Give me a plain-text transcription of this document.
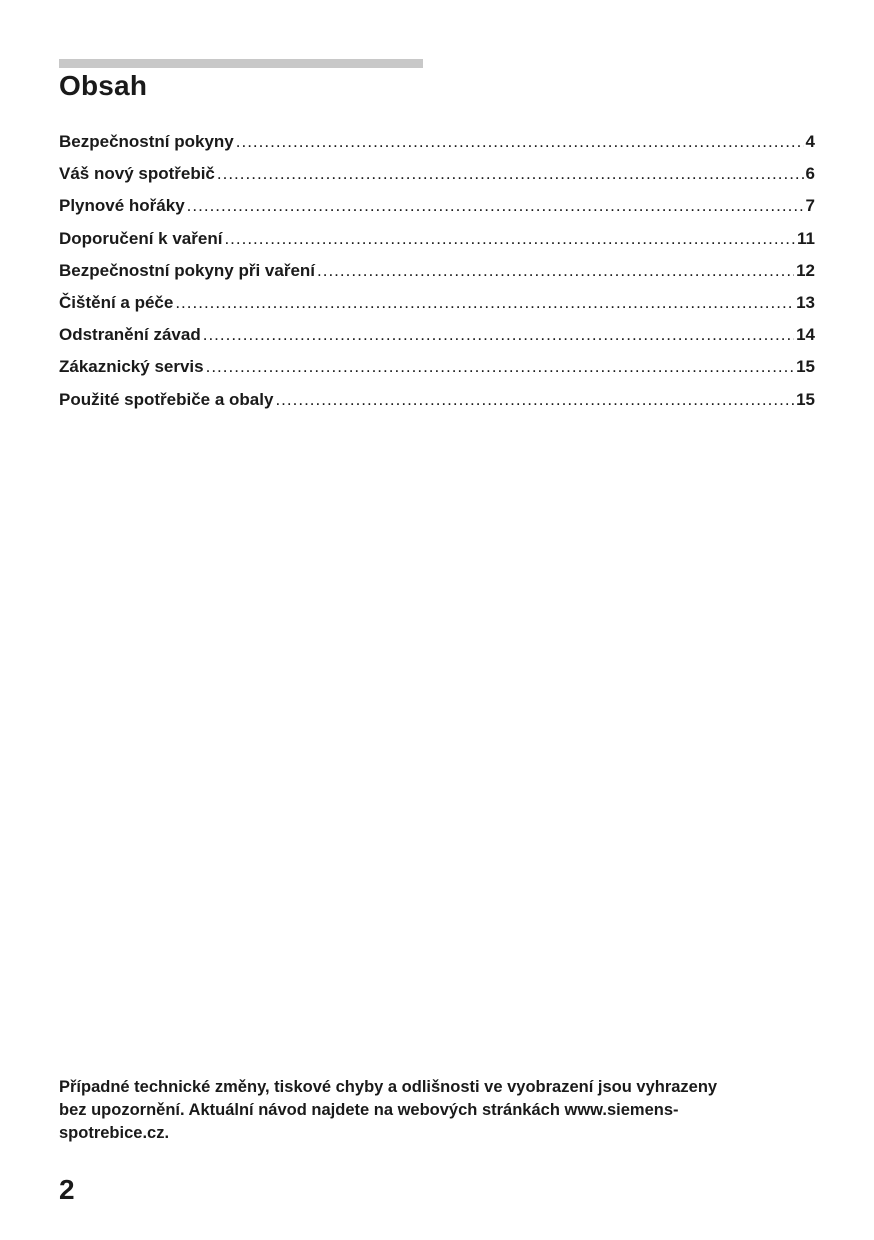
Obsah
Bezpečnostní pokyny .....	4
Váš nový spotřebič .....	6
Plynové hořáky .....	7
Doporučení k vaření .....	11
Bezpečnostní pokyny při vaření .....	12
Čištění a péče .....	13
Odstranění závad .....	14
Zákaznický servis .....	15
Použité spotřebiče a obaly .....	15

Případné technické změny, tiskové chyby a odlišnosti ve vyobrazení jsou vyhrazeny
bez upozornění. Aktuální návod najdete na webových stránkách www.siemens-
spotrebice.cz.

2
